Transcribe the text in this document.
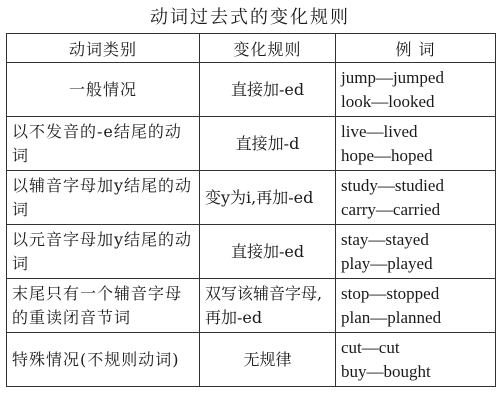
动词过去式的变化规则
动词类别	变化规则	例 词
一般情况	直接加-ed	jump—jumped
look—looked

以不发音的-e结尾的动词	直接加-d	live—lived
hope—hoped

以辅音字母加y结尾的动词	变y为i,再加-ed	study—studied
carry—carried

以元音字母加y结尾的动词	直接加-ed	stay—stayed
play—played

末尾只有一个辅音字母的重读闭音节词	双写该辅音字母,再加-ed	stop—stopped
plan—planned

特殊情况(不规则动词)	无规律	cut—cut
buy—bought
